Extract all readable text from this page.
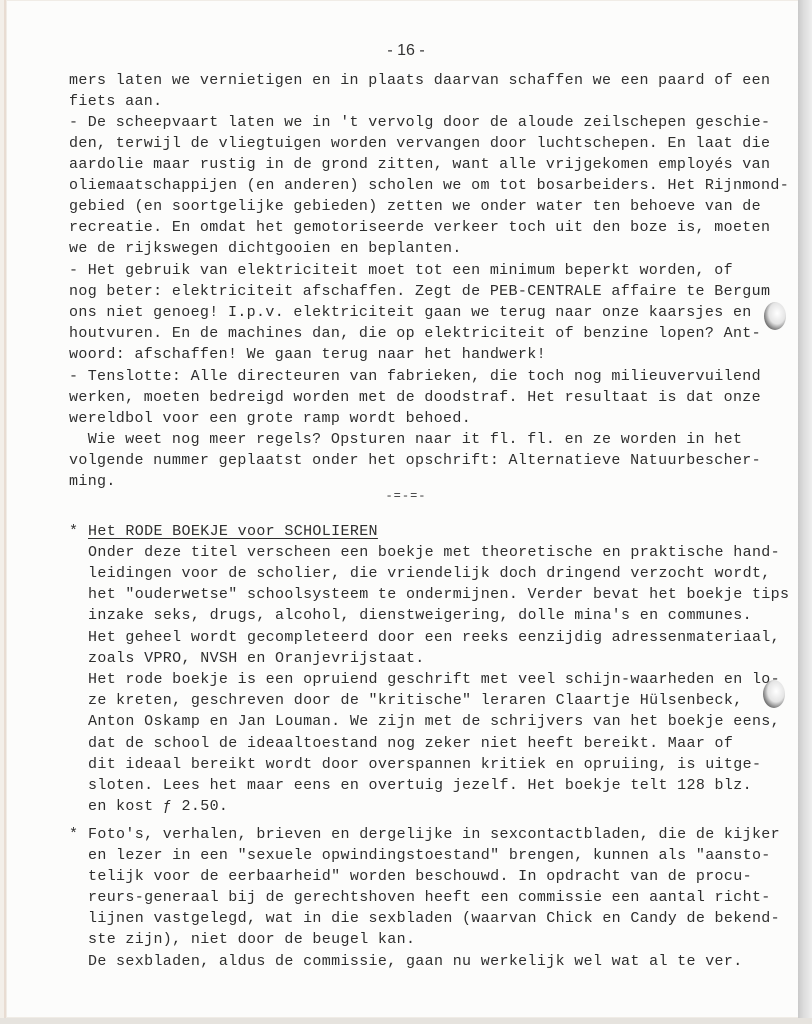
- 16 -
mers laten we vernietigen en in plaats daarvan schaffen we een paard of een
fiets aan.
- De scheepvaart laten we in 't vervolg door de aloude zeilschepen geschie-
den, terwijl de vliegtuigen worden vervangen door luchtschepen. En laat die
aardolie maar rustig in de grond zitten, want alle vrijgekomen employés van
oliemaatschappijen (en anderen) scholen we om tot bosarbeiders. Het Rijnmond-
gebied (en soortgelijke gebieden) zetten we onder water ten behoeve van de
recreatie. En omdat het gemotoriseerde verkeer toch uit den boze is, moeten
we de rijkswegen dichtgooien en beplanten.
- Het gebruik van elektriciteit moet tot een minimum beperkt worden, of
nog beter: elektriciteit afschaffen. Zegt de PEB-CENTRALE affaire te Bergum
ons niet genoeg! I.p.v. elektriciteit gaan we terug naar onze kaarsjes en
houtvuren. En de machines dan, die op elektriciteit of benzine lopen? Ant-
woord: afschaffen! We gaan terug naar het handwerk!
- Tenslotte: Alle directeuren van fabrieken, die toch nog milieuvervuilend
werken, moeten bedreigd worden met de doodstraf. Het resultaat is dat onze
wereldbol voor een grote ramp wordt behoed.
Wie weet nog meer regels? Opsturen naar it fl. fl. en ze worden in het
volgende nummer geplaatst onder het opschrift: Alternatieve Natuurbescher-
ming.
-=-=-
* Het RODE BOEKJE voor SCHOLIEREN
Onder deze titel verscheen een boekje met theoretische en praktische hand-
leidingen voor de scholier, die vriendelijk doch dringend verzocht wordt,
het "ouderwetse" schoolsysteem te ondermijnen. Verder bevat het boekje tips
inzake seks, drugs, alcohol, dienstweigering, dolle mina's en communes.
Het geheel wordt gecompleteerd door een reeks eenzijdig adressenmateriaal,
zoals VPRO, NVSH en Oranjevrijstaat.
Het rode boekje is een opruiend geschrift met veel schijn-waarheden en lo-
ze kreten, geschreven door de "kritische" leraren Claartje Hülsenbeck,
Anton Oskamp en Jan Louman. We zijn met de schrijvers van het boekje eens,
dat de school de ideaaltoestand nog zeker niet heeft bereikt. Maar of
dit ideaal bereikt wordt door overspannen kritiek en opruiing, is uitge-
sloten. Lees het maar eens en overtuig jezelf. Het boekje telt 128 blz.
en kost ƒ 2.50.
* Foto's, verhalen, brieven en dergelijke in sexcontactbladen, die de kijker
en lezer in een "sexuele opwindingstoestand" brengen, kunnen als "aansto-
telijk voor de eerbaarheid" worden beschouwd. In opdracht van de procu-
reurs-generaal bij de gerechtshoven heeft een commissie een aantal richt-
lijnen vastgelegd, wat in die sexbladen (waarvan Chick en Candy de bekend-
ste zijn), niet door de beugel kan.
De sexbladen, aldus de commissie, gaan nu werkelijk wel wat al te ver.
